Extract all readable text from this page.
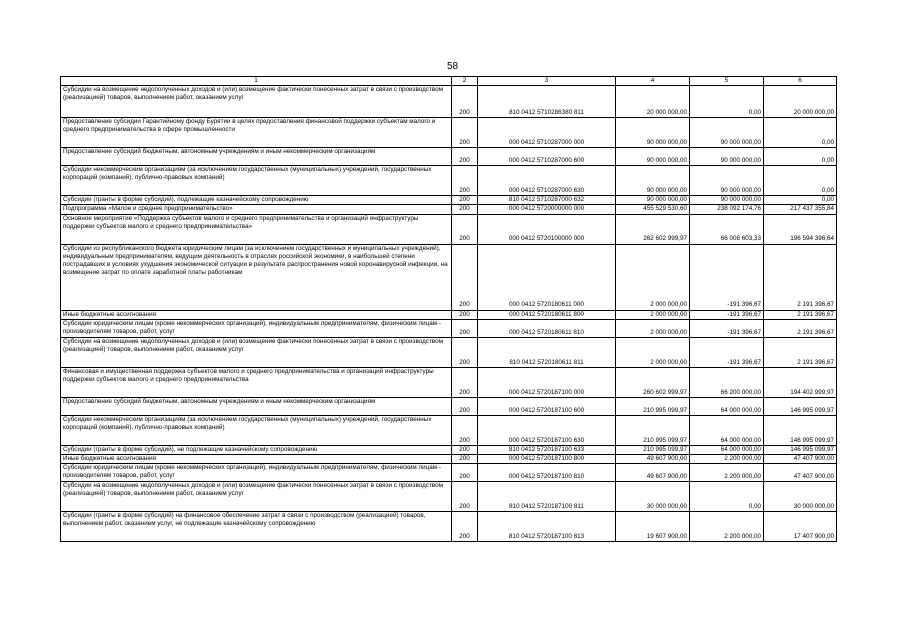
58
1	2	3	4	5	6
Субсидии на возмещение недополученных доходов и (или) возмещение фактически понесенных затрат в связи с производством (реализацией) товаров, выполнением работ, оказанием услуг	200	810 0412 5710286380 811	20 000 000,00	0,00	20 000 000,00
Предоставление субсидии Гарантийному фонду Бурятии в целях предоставления финансовой поддержки субъектам малого и среднего предпринимательства в сфере промышленности	200	000 0412 5710287000 000	90 000 000,00	90 000 000,00	0,00
Предоставление субсидий бюджетным, автономным учреждениям и иным некоммерческим организациям	200	000 0412 5710287000 600	90 000 000,00	90 000 000,00	0,00
Субсидии некоммерческим организациям (за исключением государственных (муниципальных) учреждений, государственных корпораций (компаний), публично-правовых компаний)	200	000 0412 5710287000 630	90 000 000,00	90 000 000,00	0,00
Субсидии (гранты в форме субсидий), подлежащие казначейскому сопровождению	200	810 0412 5710287000 632	90 000 000,00	90 000 000,00	0,00
Подпрограмма «Малое и среднее предпринимательство»	200	000 0412 5720000000 000	455 529 530,60	238 092 174,76	217 437 355,84
Основное мероприятие «Поддержка субъектов малого и среднего предпринимательства и организаций инфраструктуры поддержки субъектов малого и среднего предпринимательства»	200	000 0412 5720100000 000	262 602 999,97	66 008 603,33	196 594 396,64
Субсидии из республиканского бюджета юридическим лицам (за исключением государственных и муниципальных учреждений), индивидуальным предпринимателям, ведущим деятельность в отраслях российской экономики, в наибольшей степени пострадавших в условиях ухудшения экономической ситуации в результате распространения новой коронавирусной инфекции, на возмещение затрат по оплате заработной платы работникам	200	000 0412 5720180611 000	2 000 000,00	-191 396,67	2 191 396,67
Иные бюджетные ассигнования	200	000 0412 5720180611 800	2 000 000,00	-191 396,67	2 191 396,67
Субсидии юридическим лицам (кроме некоммерческих организаций), индивидуальным предпринимателям, физическим лицам - производителям товаров, работ, услуг	200	000 0412 5720180611 810	2 000 000,00	-191 396,67	2 191 396,67
Субсидии на возмещение недополученных доходов и (или) возмещение фактически понесенных затрат в связи с производством (реализацией) товаров, выполнением работ, оказанием услуг	200	810 0412 5720180611 811	2 000 000,00	-191 396,67	2 191 396,67
Финансовая и имущественная поддержка субъектов малого и среднего предпринимательства и организаций инфраструктуры поддержки субъектов малого и среднего предпринимательства	200	000 0412 5720187100 000	260 602 999,97	66 200 000,00	194 402 999,97
Предоставление субсидий бюджетным, автономным учреждениям и иным некоммерческим организациям	200	000 0412 5720187100 600	210 995 099,97	64 000 000,00	146 995 099,97
Субсидии некоммерческим организациям (за исключением государственных (муниципальных) учреждений, государственных корпораций (компаний), публично-правовых компаний)	200	000 0412 5720187100 630	210 995 099,97	64 000 000,00	146 995 099,97
Субсидии (гранты в форме субсидий), не подлежащие казначейскому сопровождению	200	810 0412 5720187100 633	210 995 099,97	64 000 000,00	146 995 099,97
Иные бюджетные ассигнования	200	000 0412 5720187100 800	49 607 900,00	2 200 000,00	47 407 900,00
Субсидии юридическим лицам (кроме некоммерческих организаций), индивидуальным предпринимателям, физическим лицам - производителям товаров, работ, услуг	200	000 0412 5720187100 810	49 607 900,00	2 200 000,00	47 407 900,00
Субсидии на возмещение недополученных доходов и (или) возмещение фактически понесенных затрат в связи с производством (реализацией) товаров, выполнением работ, оказанием услуг	200	810 0412 5720187100 811	30 000 000,00	0,00	30 000 000,00
Субсидии (гранты в форме субсидий) на финансовое обеспечение затрат в связи с производством (реализацией) товаров, выполнением работ, оказанием услуг, не подлежащие казначейскому сопровождению	200	810 0412 5720187100 813	19 607 900,00	2 200 000,00	17 407 900,00
